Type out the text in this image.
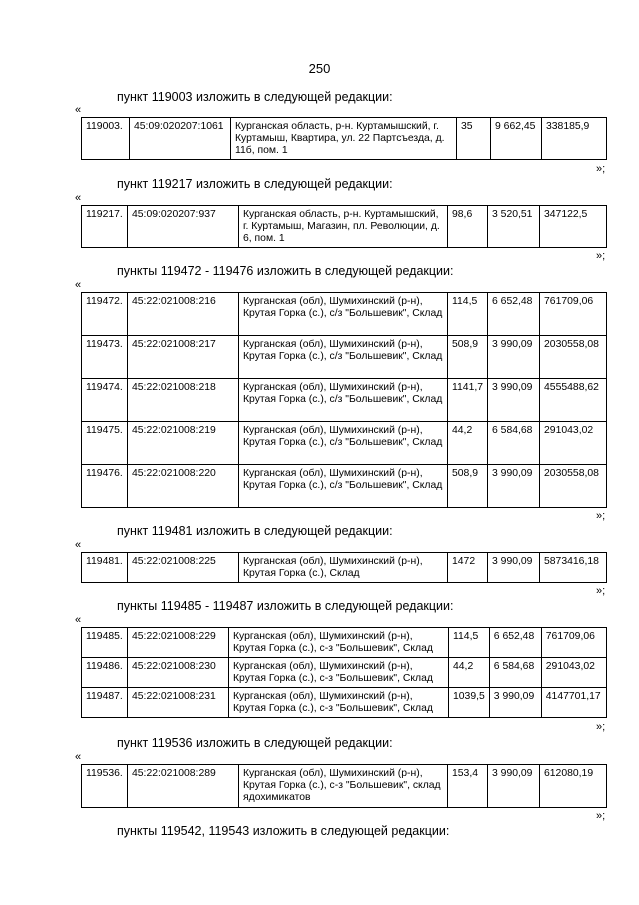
250
пункт 119003 изложить в следующей редакции:
«
119003.	45:09:020207:1061	Курганская область, р-н. Куртамышский, г. Куртамыш, Квартира, ул. 22 Партсъезда, д. 11б, пом. 1	35	9 662,45	338185,9
»;
пункт 119217 изложить в следующей редакции:
«
119217.	45:09:020207:937	Курганская область, р-н. Куртамышский, г. Куртамыш, Магазин, пл. Революции, д. 6, пом. 1	98,6	3 520,51	347122,5
»;
пункты 119472 - 119476 изложить в следующей редакции:
«
119472.	45:22:021008:216	Курганская (обл), Шумихинский (р-н), Крутая Горка (с.), с/з "Большевик", Склад	114,5	6 652,48	761709,06
119473.	45:22:021008:217	Курганская (обл), Шумихинский (р-н), Крутая Горка (с.), с/з "Большевик", Склад	508,9	3 990,09	2030558,08
119474.	45:22:021008:218	Курганская (обл), Шумихинский (р-н), Крутая Горка (с.), с/з "Большевик", Склад	1141,7	3 990,09	4555488,62
119475.	45:22:021008:219	Курганская (обл), Шумихинский (р-н), Крутая Горка (с.), с/з "Большевик", Склад	44,2	6 584,68	291043,02
119476.	45:22:021008:220	Курганская (обл), Шумихинский (р-н), Крутая Горка (с.), с/з "Большевик", Склад	508,9	3 990,09	2030558,08
»;
пункт 119481 изложить в следующей редакции:
«
119481.	45:22:021008:225	Курганская (обл), Шумихинский (р-н), Крутая Горка (с.), Склад	1472	3 990,09	5873416,18
»;
пункты 119485 - 119487 изложить в следующей редакции:
«
119485.	45:22:021008:229	Курганская (обл), Шумихинский (р-н), Крутая Горка (с.), с-з "Большевик", Склад	114,5	6 652,48	761709,06
119486.	45:22:021008:230	Курганская (обл), Шумихинский (р-н), Крутая Горка (с.), с-з "Большевик", Склад	44,2	6 584,68	291043,02
119487.	45:22:021008:231	Курганская (обл), Шумихинский (р-н), Крутая Горка (с.), с-з "Большевик", Склад	1039,5	3 990,09	4147701,17
»;
пункт 119536 изложить в следующей редакции:
«
119536.	45:22:021008:289	Курганская (обл), Шумихинский (р-н), Крутая Горка (с.), с-з "Большевик", склад ядохимикатов	153,4	3 990,09	612080,19
»;
пункты 119542, 119543 изложить в следующей редакции:
